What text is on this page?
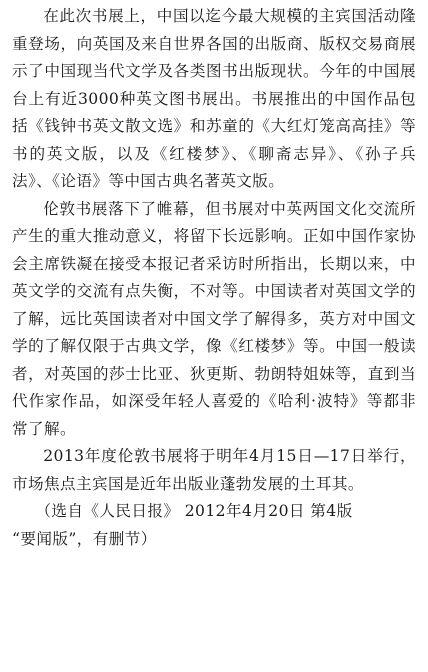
在此次书展上，中国以迄今最大规模的主宾国活动隆重登场，向英国及来自世界各国的出版商、版权交易商展示了中国现当代文学及各类图书出版现状。今年的中国展台上有近3000种英文图书展出。书展推出的中国作品包括《钱钟书英文散文选》和苏童的《大红灯笼高高挂》等书的英文版，以及《红楼梦》、《聊斋志异》、《孙子兵法》、《论语》等中国古典名著英文版。

伦敦书展落下了帷幕，但书展对中英两国文化交流所产生的重大推动意义，将留下长远影响。正如中国作家协会主席铁凝在接受本报记者采访时所指出，长期以来，中英文学的交流有点失衡，不对等。中国读者对英国文学的了解，远比英国读者对中国文学了解得多，英方对中国文学的了解仅限于古典文学，像《红楼梦》等。中国一般读者，对英国的莎士比亚、狄更斯、勃朗特姐妹等，直到当代作家作品，如深受年轻人喜爱的《哈利·波特》等都非常了解。

2013年度伦敦书展将于明年4月15日—17日举行，市场焦点主宾国是近年出版业蓬勃发展的土耳其。

（选自《人民日报》 2012年4月20日 第4版
“要闻版”，有删节）
